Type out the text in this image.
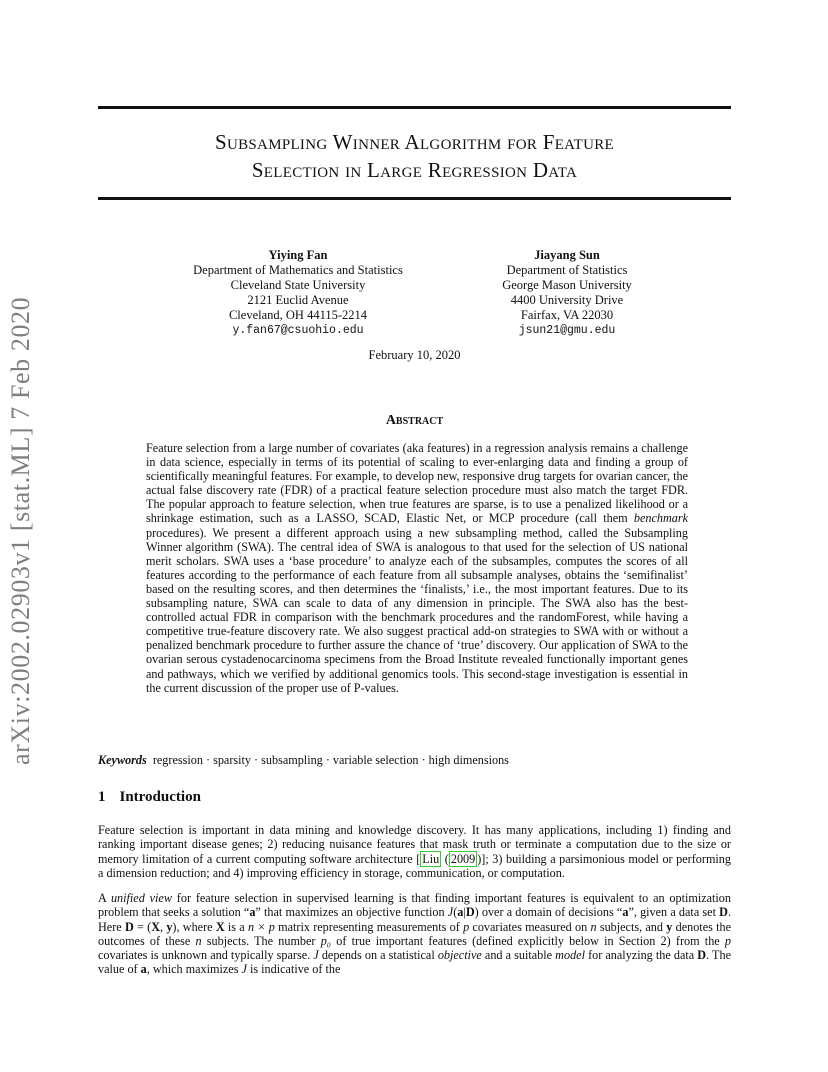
arXiv:2002.02903v1 [stat.ML] 7 Feb 2020
Subsampling Winner Algorithm for Feature
Selection in Large Regression Data
Yiying Fan
Department of Mathematics and Statistics
Cleveland State University
2121 Euclid Avenue
Cleveland, OH 44115-2214
y.fan67@csuohio.edu
Jiayang Sun
Department of Statistics
George Mason University
4400 University Drive
Fairfax, VA 22030
jsun21@gmu.edu
February 10, 2020
Abstract
Feature selection from a large number of covariates (aka features) in a regression analysis remains a challenge in data science, especially in terms of its potential of scaling to ever-enlarging data and finding a group of scientifically meaningful features. For example, to develop new, responsive drug targets for ovarian cancer, the actual false discovery rate (FDR) of a practical feature selection procedure must also match the target FDR. The popular approach to feature selection, when true features are sparse, is to use a penalized likelihood or a shrinkage estimation, such as a LASSO, SCAD, Elastic Net, or MCP procedure (call them benchmark procedures). We present a different approach using a new subsampling method, called the Subsampling Winner algorithm (SWA). The central idea of SWA is analogous to that used for the selection of US national merit scholars. SWA uses a ‘base procedure’ to analyze each of the subsamples, computes the scores of all features according to the performance of each feature from all subsample analyses, obtains the ‘semifinalist’ based on the resulting scores, and then determines the ‘finalists,’ i.e., the most important features. Due to its subsampling nature, SWA can scale to data of any dimension in principle. The SWA also has the best-controlled actual FDR in comparison with the benchmark procedures and the randomForest, while having a competitive true-feature discovery rate. We also suggest practical add-on strategies to SWA with or without a penalized benchmark procedure to further assure the chance of ‘true’ discovery. Our application of SWA to the ovarian serous cystadenocarcinoma specimens from the Broad Institute revealed functionally important genes and pathways, which we verified by additional genomics tools. This second-stage investigation is essential in the current discussion of the proper use of P-values.
Keywords regression · sparsity · subsampling · variable selection · high dimensions
1 Introduction
Feature selection is important in data mining and knowledge discovery. It has many applications, including 1) finding and ranking important disease genes; 2) reducing nuisance features that mask truth or terminate a computation due to the size or memory limitation of a current computing software architecture [ Liu ( 2009 )]; 3) building a parsimonious model or performing a dimension reduction; and 4) improving efficiency in storage, communication, or computation.
A unified view for feature selection in supervised learning is that finding important features is equivalent to an optimization problem that seeks a solution “a” that maximizes an objective function J(a|D) over a domain of decisions “a”, given a data set D. Here D = (X, y), where X is a n × p matrix representing measurements of p covariates measured on n subjects, and y denotes the outcomes of these n subjects. The number p₀ of true important features (defined explicitly below in Section 2) from the p covariates is unknown and typically sparse. J depends on a statistical objective and a suitable model for analyzing the data D. The value of a, which maximizes J is indicative of the
